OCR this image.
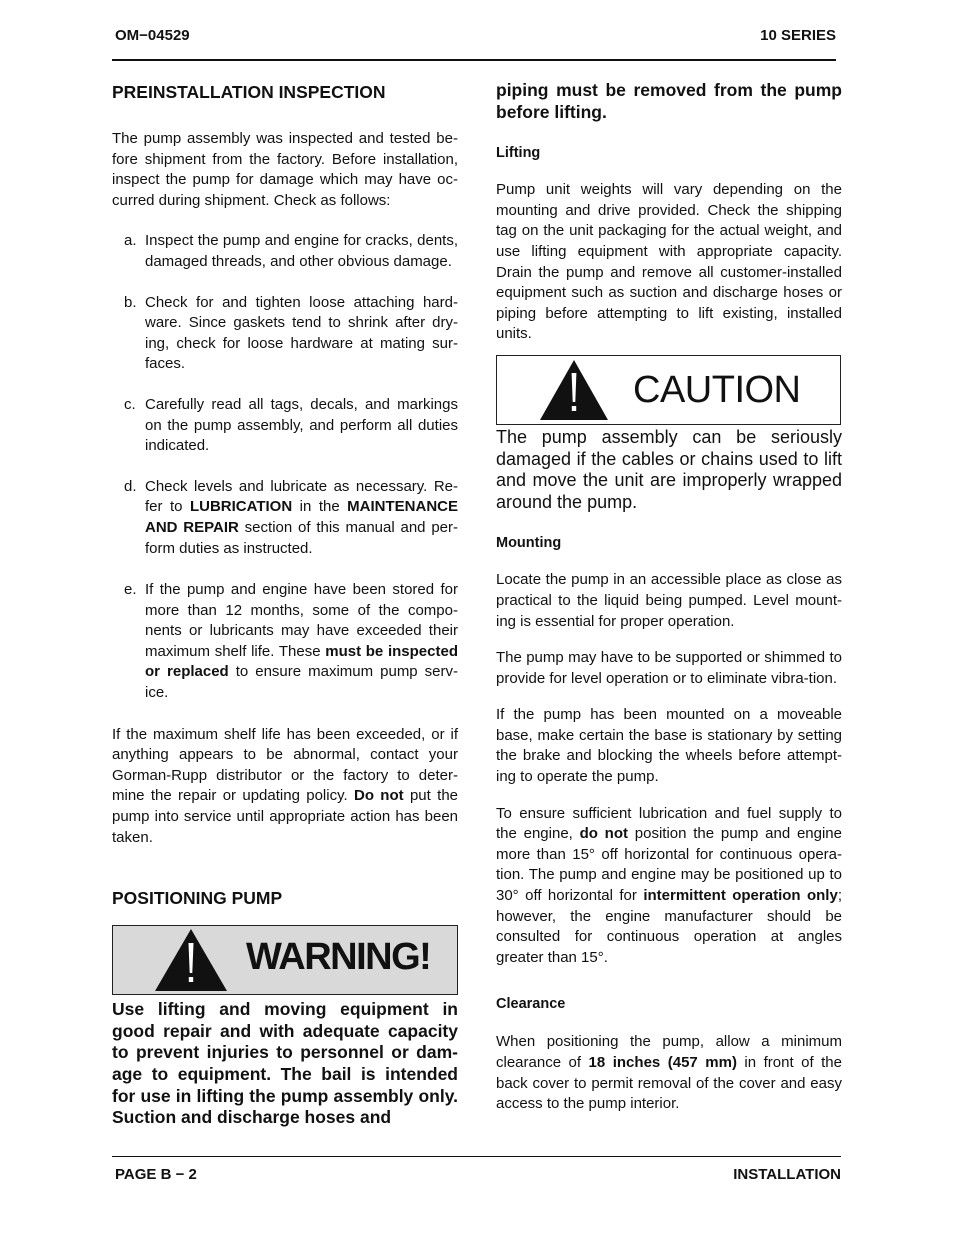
OM−04529	10 SERIES
PREINSTALLATION INSPECTION

The pump assembly was inspected and tested be-fore shipment from the factory. Before installation, inspect the pump for damage which may have oc-curred during shipment. Check as follows:

a. Inspect the pump and engine for cracks, dents, damaged threads, and other obvious damage.

b. Check for and tighten loose attaching hard-ware. Since gaskets tend to shrink after dry-ing, check for loose hardware at mating sur-faces.

c. Carefully read all tags, decals, and markings on the pump assembly, and perform all duties indicated.

d. Check levels and lubricate as necessary. Re-fer to LUBRICATION in the MAINTENANCE AND REPAIR section of this manual and per-form duties as instructed.

e. If the pump and engine have been stored for more than 12 months, some of the compo-nents or lubricants may have exceeded their maximum shelf life. These must be inspected or replaced to ensure maximum pump serv-ice.

If the maximum shelf life has been exceeded, or if anything appears to be abnormal, contact your Gorman-Rupp distributor or the factory to deter-mine the repair or updating policy. Do not put the pump into service until appropriate action has been taken.

POSITIONING PUMP
WARNING!

Use lifting and moving equipment in good repair and with adequate capacity to prevent injuries to personnel or dam-age to equipment. The bail is intended for use in lifting the pump assembly only. Suction and discharge hoses and

piping must be removed from the pump before lifting.

Lifting

Pump unit weights will vary depending on the mounting and drive provided. Check the shipping tag on the unit packaging for the actual weight, and use lifting equipment with appropriate capacity. Drain the pump and remove all customer-installed equipment such as suction and discharge hoses or piping before attempting to lift existing, installed units.

CAUTION

The pump assembly can be seriously damaged if the cables or chains used to lift and move the unit are improperly wrapped around the pump.

Mounting

Locate the pump in an accessible place as close as practical to the liquid being pumped. Level mount-ing is essential for proper operation.

The pump may have to be supported or shimmed to provide for level operation or to eliminate vibra-tion.

If the pump has been mounted on a moveable base, make certain the base is stationary by setting the brake and blocking the wheels before attempt-ing to operate the pump.

To ensure sufficient lubrication and fuel supply to the engine, do not position the pump and engine more than 15° off horizontal for continuous opera-tion. The pump and engine may be positioned up to 30° off horizontal for intermittent operation only; however, the engine manufacturer should be consulted for continuous operation at angles greater than 15°.

Clearance

When positioning the pump, allow a minimum clearance of 18 inches (457 mm) in front of the back cover to permit removal of the cover and easy access to the pump interior.

PAGE B − 2	INSTALLATION
